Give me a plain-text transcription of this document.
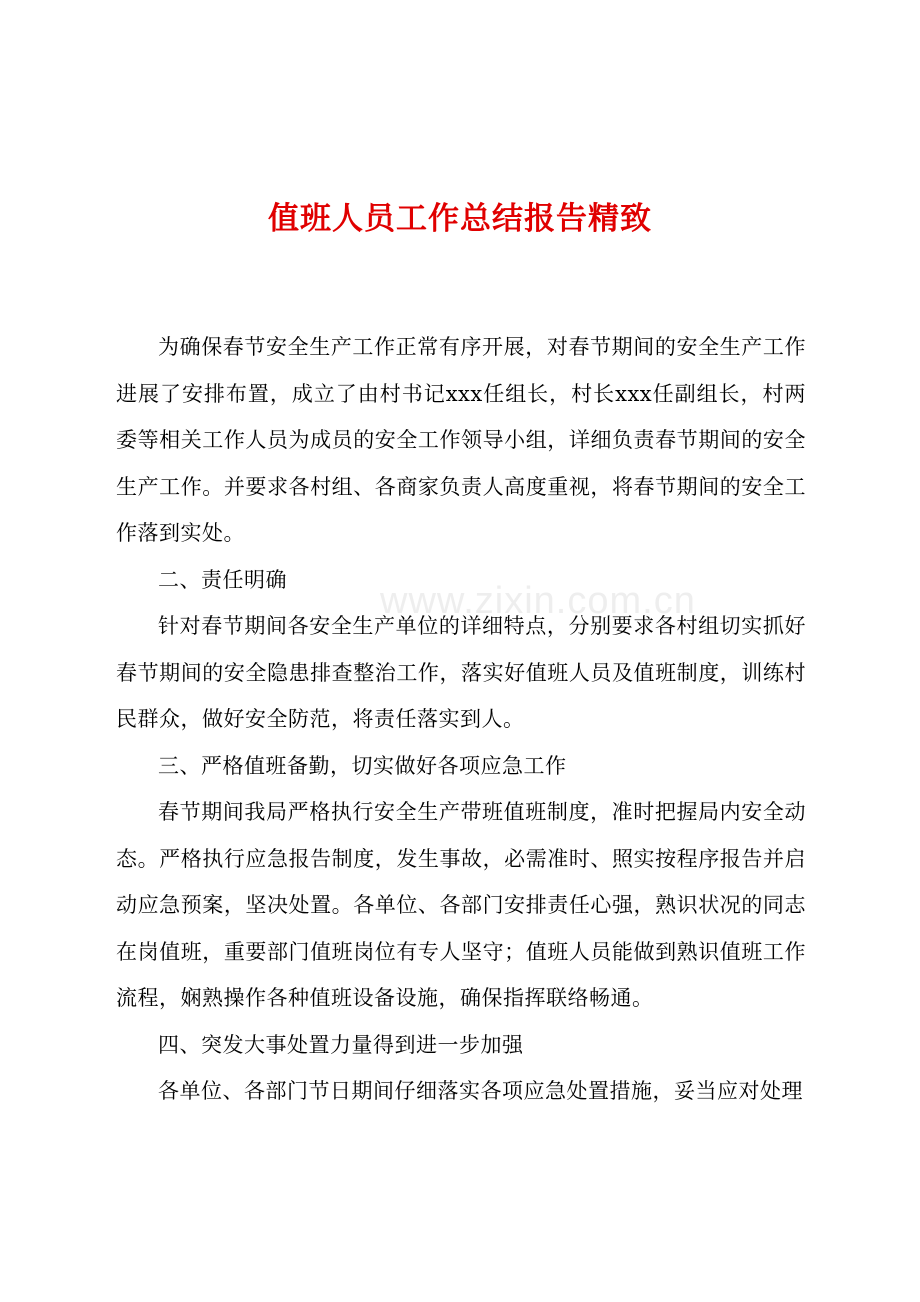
www.zixin.com.cn
值班人员工作总结报告精致

为确保春节安全生产工作正常有序开展，对春节期间的安全生产工作进展了安排布置，成立了由村书记xxx任组长，村长xxx任副组长，村两委等相关工作人员为成员的安全工作领导小组，详细负责春节期间的安全生产工作。并要求各村组、各商家负责人高度重视，将春节期间的安全工作落到实处。

二、责任明确

针对春节期间各安全生产单位的详细特点，分别要求各村组切实抓好春节期间的安全隐患排查整治工作，落实好值班人员及值班制度，训练村民群众，做好安全防范，将责任落实到人。

三、严格值班备勤，切实做好各项应急工作

春节期间我局严格执行安全生产带班值班制度，准时把握局内安全动态。严格执行应急报告制度，发生事故，必需准时、照实按程序报告并启动应急预案，坚决处置。各单位、各部门安排责任心强，熟识状况的同志在岗值班，重要部门值班岗位有专人坚守；值班人员能做到熟识值班工作流程，娴熟操作各种值班设备设施，确保指挥联络畅通。

四、突发大事处置力量得到进一步加强

各单位、各部门节日期间仔细落实各项应急处置措施，妥当应对处理
